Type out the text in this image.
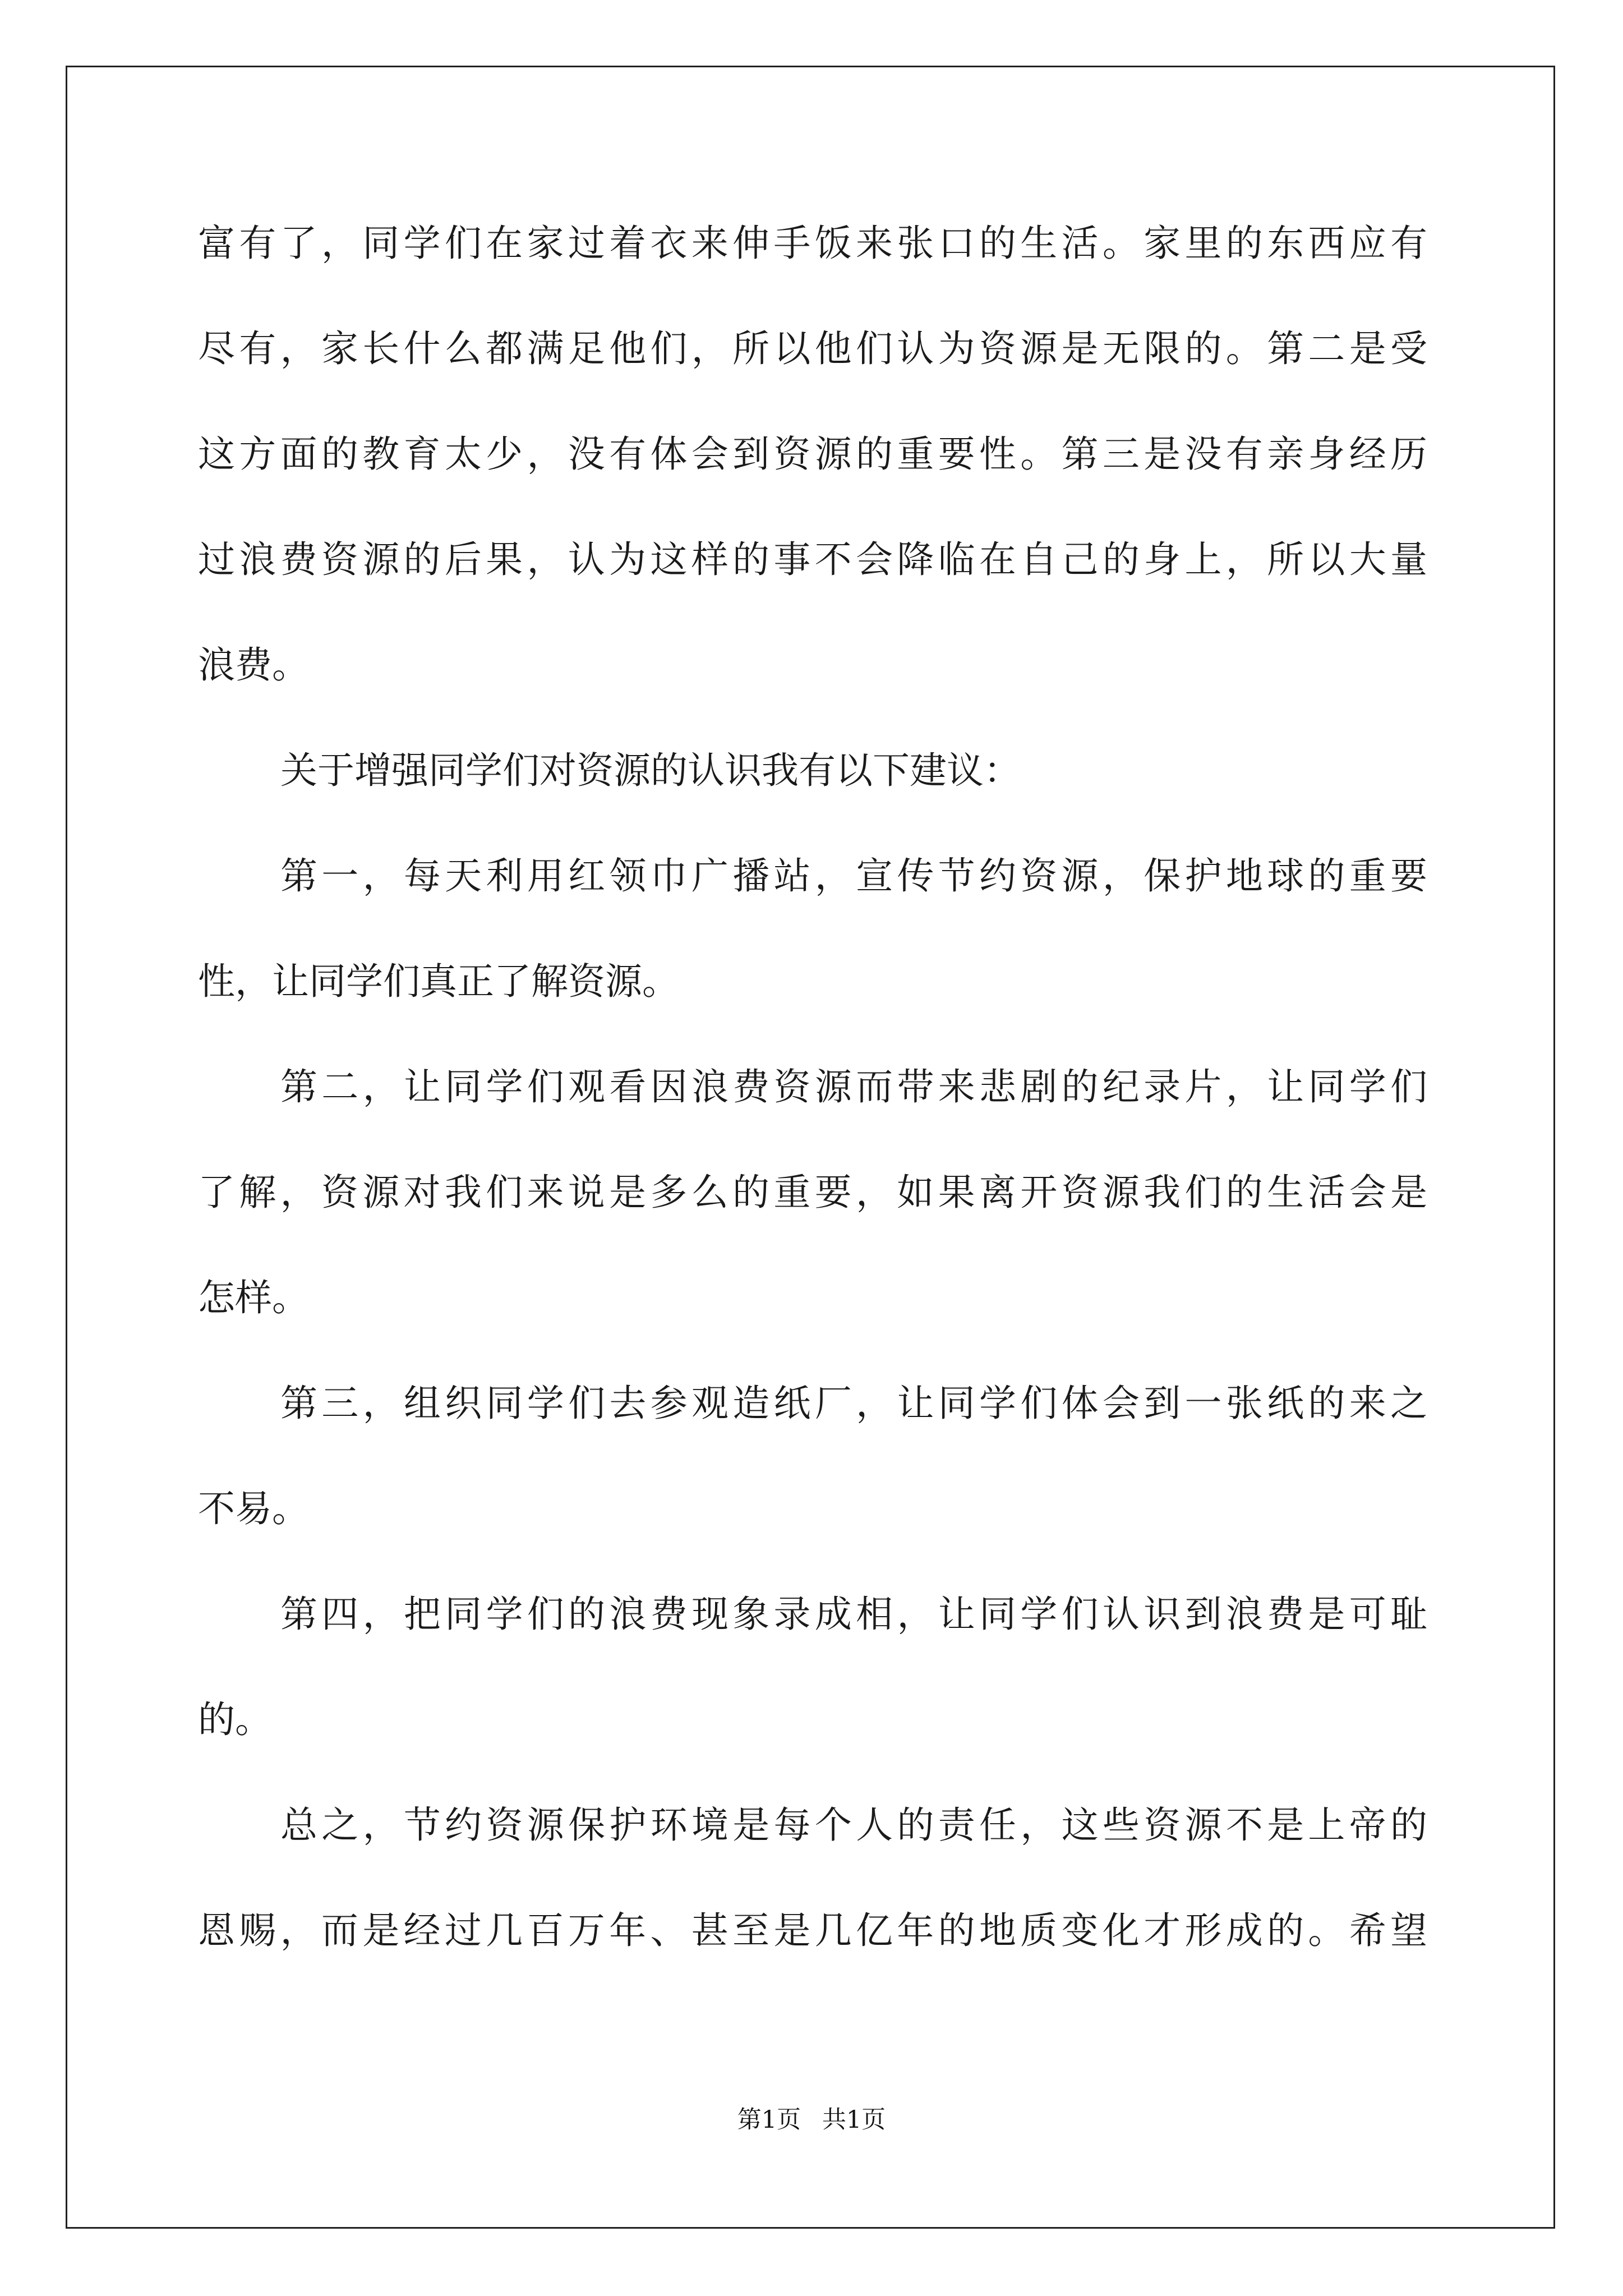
富有了，同学们在家过着衣来伸手饭来张口的生活。家里的东西应有
尽有，家长什么都满足他们，所以他们认为资源是无限的。第二是受
这方面的教育太少，没有体会到资源的重要性。第三是没有亲身经历
过浪费资源的后果，认为这样的事不会降临在自己的身上，所以大量
浪费。
关于增强同学们对资源的认识我有以下建议：
第一，每天利用红领巾广播站，宣传节约资源，保护地球的重要
性，让同学们真正了解资源。
第二，让同学们观看因浪费资源而带来悲剧的纪录片，让同学们
了解，资源对我们来说是多么的重要，如果离开资源我们的生活会是
怎样。
第三，组织同学们去参观造纸厂，让同学们体会到一张纸的来之
不易。
第四，把同学们的浪费现象录成相，让同学们认识到浪费是可耻
的。
总之，节约资源保护环境是每个人的责任，这些资源不是上帝的
恩赐，而是经过几百万年、甚至是几亿年的地质变化才形成的。希望
第1页 共1页
